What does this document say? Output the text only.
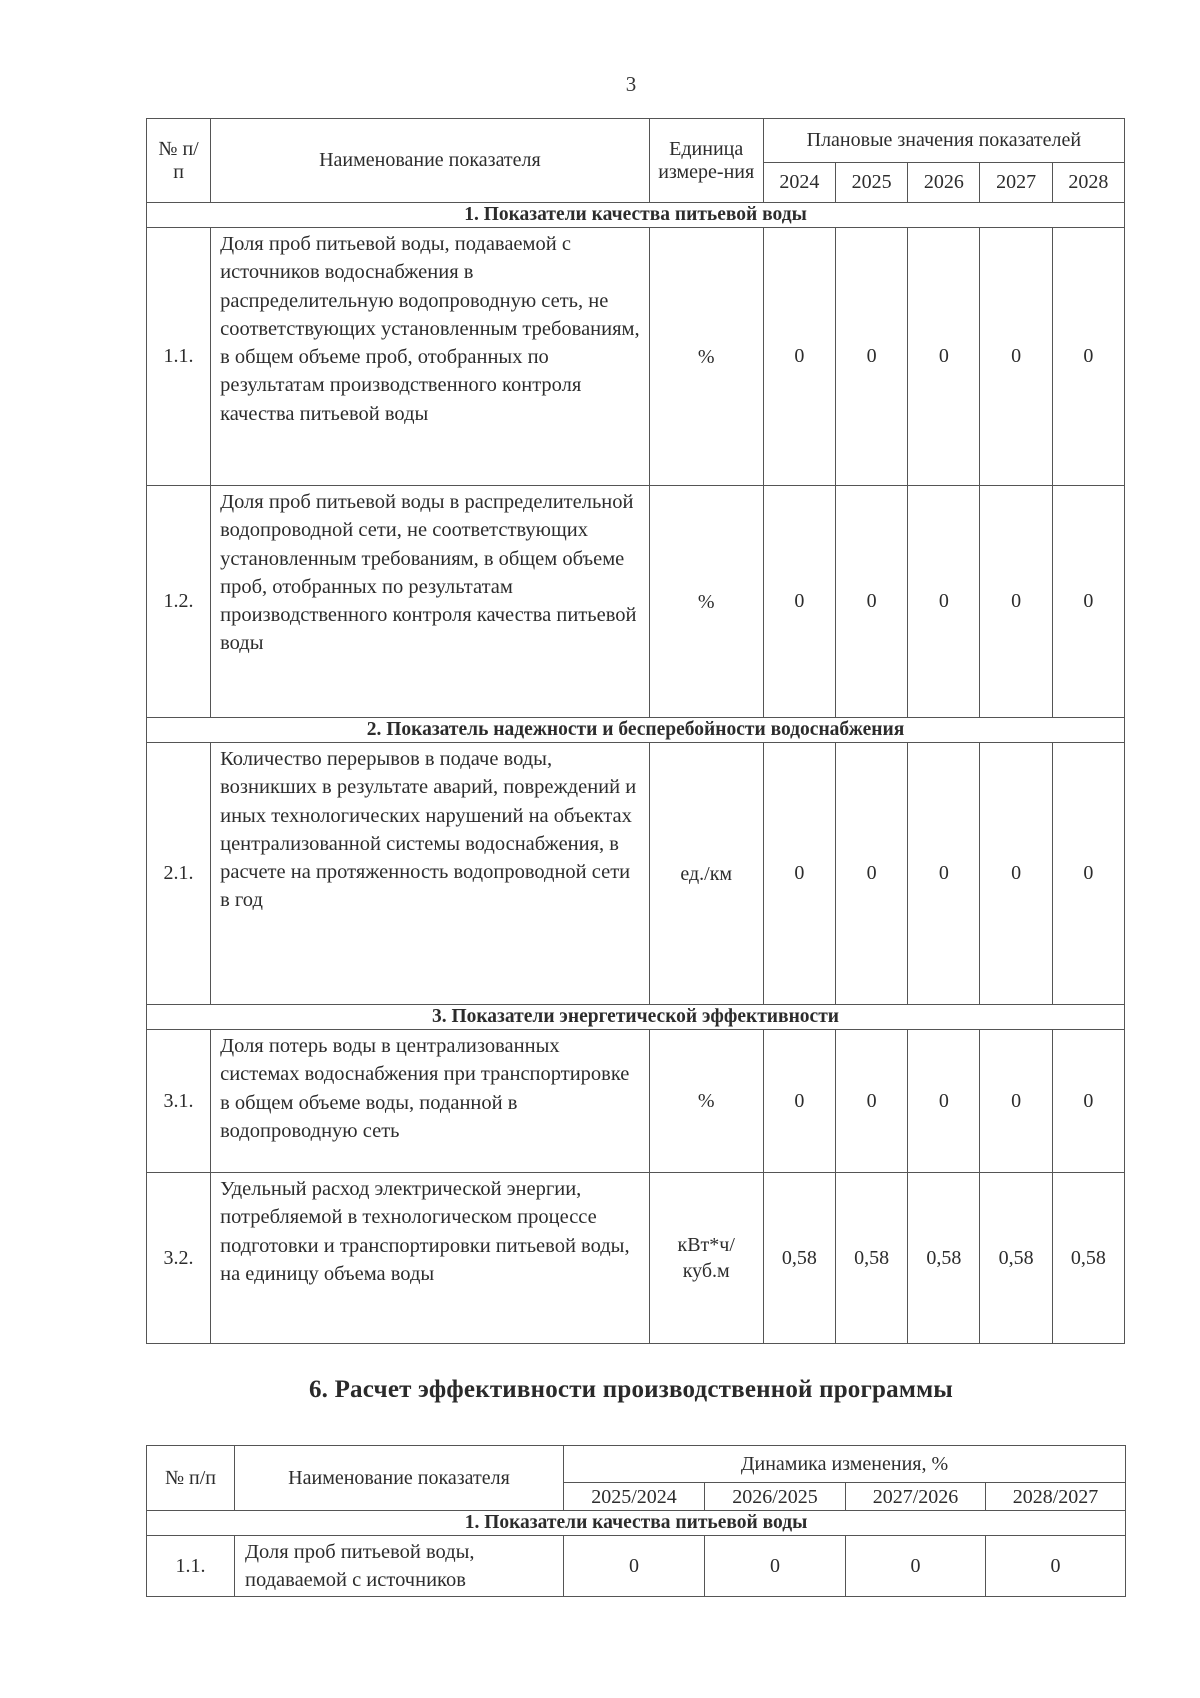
3
№ п/п	Наименование показателя	Единица измере-ния	Плановые значения показателей				
			2024	2025	2026	2027	2028
1. Показатели качества питьевой воды							
1.1.	Доля проб питьевой воды, подаваемой с источников водоснабжения в распределительную водопроводную сеть, не соответствующих установленным требованиям, в общем объеме проб, отобранных по результатам производственного контроля качества питьевой воды	%	0	0	0	0	0
1.2.	Доля проб питьевой воды в распределительной водопроводной сети, не соответствующих установленным требованиям, в общем объеме проб, отобранных по результатам производственного контроля качества питьевой воды	%	0	0	0	0	0
2. Показатель надежности и бесперебойности водоснабжения							
2.1.	Количество перерывов в подаче воды, возникших в результате аварий, повреждений и иных технологических нарушений на объектах централизованной системы водоснабжения, в расчете на протяженность водопроводной сети в год	ед./км	0	0	0	0	0
3. Показатели энергетической эффективности							
3.1.	Доля потерь воды в централизованных системах водоснабжения при транспортировке в общем объеме воды, поданной в водопроводную сеть	%	0	0	0	0	0
3.2.	Удельный расход электрической энергии, потребляемой в технологическом процессе подготовки и транспортировки питьевой воды, на единицу объема воды	кВт*ч/ куб.м	0,58	0,58	0,58	0,58	0,58
6. Расчет эффективности производственной программы
№ п/п	Наименование показателя	Динамика изменения, %			
		2025/2024	2026/2025	2027/2026	2028/2027
1. Показатели качества питьевой воды					
1.1.	Доля проб питьевой воды, подаваемой с источников	0	0	0	0
